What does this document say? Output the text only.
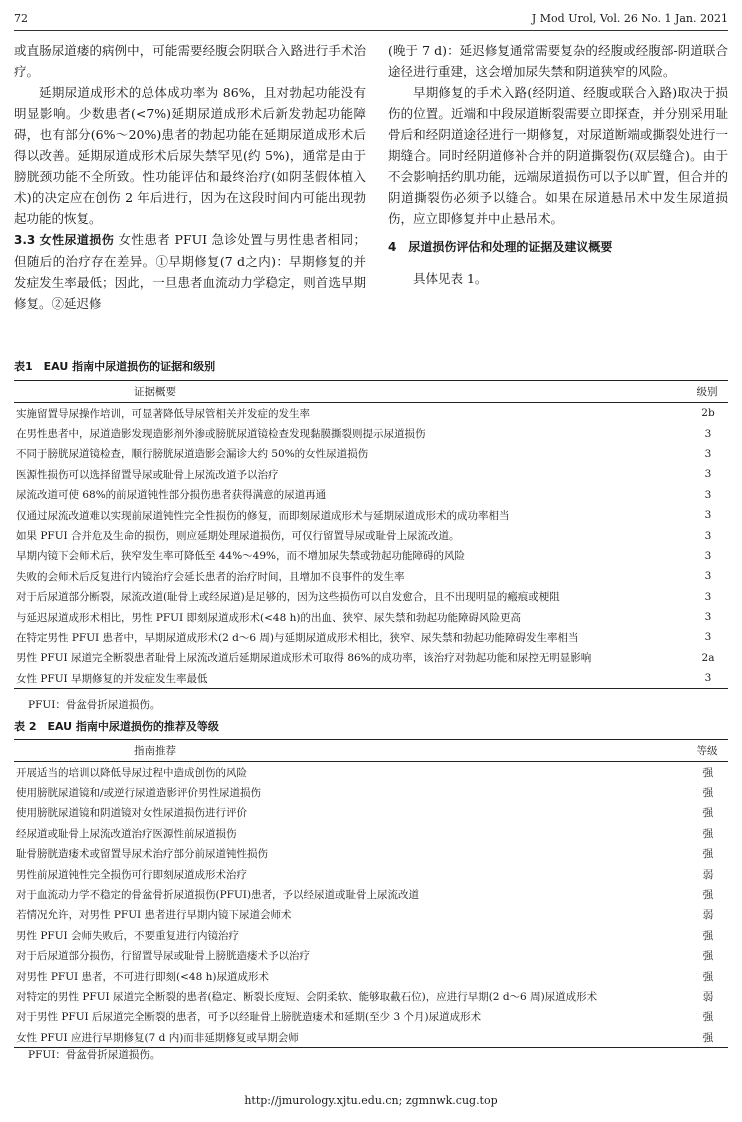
72	J Mod Urol, Vol. 26 No. 1 Jan. 2021

或直肠尿道瘘的病例中，可能需要经腹会阴联合入路进行手术治疗。

延期尿道成形术的总体成功率为 86%，且对勃起功能没有明显影响。少数患者(<7%)延期尿道成形术后新发勃起功能障碍，也有部分(6%～20%)患者的勃起功能在延期尿道成形术后得以改善。延期尿道成形术后尿失禁罕见(约 5%)，通常是由于膀胱颈功能不全所致。性功能评估和最终治疗(如阴茎假体植入术)的决定应在创伤 2 年后进行，因为在这段时间内可能出现勃起功能的恢复。

3.3 女性尿道损伤 女性患者 PFUI 急诊处置与男性患者相同；但随后的治疗存在差异。①早期修复(7 d之内)：早期修复的并发症发生率最低；因此，一旦患者血流动力学稳定，则首选早期修复。②延迟修

(晚于 7 d)：延迟修复通常需要复杂的经腹或经腹部-阴道联合途径进行重建，这会增加尿失禁和阴道狭窄的风险。

早期修复的手术入路(经阴道、经腹或联合入路)取决于损伤的位置。近端和中段尿道断裂需要立即探查，并分别采用耻骨后和经阴道途径进行一期修复，对尿道断端或撕裂处进行一期缝合。同时经阴道修补合并的阴道撕裂伤(双层缝合)。由于不会影响括约肌功能，远端尿道损伤可以予以旷置，但合并的阴道撕裂伤必须予以缝合。如果在尿道悬吊术中发生尿道损伤，应立即修复并中止悬吊术。

4　尿道损伤评估和处理的证据及建议概要

具体见表 1。

表1　EAU 指南中尿道损伤的证据和级别
证据概要	级别
实施留置导尿操作培训，可显著降低导尿管相关并发症的发生率	2b
在男性患者中，尿道造影发现造影剂外渗或膀胱尿道镜检查发现黏膜撕裂则提示尿道损伤	3
不同于膀胱尿道镜检查，顺行膀胱尿道造影会漏诊大约 50%的女性尿道损伤	3
医源性损伤可以选择留置导尿或耻骨上尿流改道予以治疗	3
尿流改道可使 68%的前尿道钝性部分损伤患者获得满意的尿道再通	3
仅通过尿流改道难以实现前尿道钝性完全性损伤的修复，而即刻尿道成形术与延期尿道成形术的成功率相当	3
如果 PFUI 合并危及生命的损伤，则应延期处理尿道损伤，可仅行留置导尿或耻骨上尿流改道。	3
早期内镜下会师术后，狭窄发生率可降低至 44%～49%，而不增加尿失禁或勃起功能障碍的风险	3
失败的会师术后反复进行内镜治疗会延长患者的治疗时间，且增加不良事件的发生率	3
对于后尿道部分断裂，尿流改道(耻骨上或经尿道)是足够的，因为这些损伤可以自发愈合，且不出现明显的瘢痕或梗阻	3
与延迟尿道成形术相比，男性 PFUI 即刻尿道成形术(<48 h)的出血、狭窄、尿失禁和勃起功能障碍风险更高	3
在特定男性 PFUI 患者中，早期尿道成形术(2 d～6 周)与延期尿道成形术相比，狭窄、尿失禁和勃起功能障碍发生率相当	3
男性 PFUI 尿道完全断裂患者耻骨上尿流改道后延期尿道成形术可取得 86%的成功率，该治疗对勃起功能和尿控无明显影响	2a
女性 PFUI 早期修复的并发症发生率最低	3
PFUI：骨盆骨折尿道损伤。
表 2　EAU 指南中尿道损伤的推荐及等级
指南推荐	等级
开展适当的培训以降低导尿过程中造成创伤的风险	强
使用膀胱尿道镜和/或逆行尿道造影评价男性尿道损伤	强
使用膀胱尿道镜和阴道镜对女性尿道损伤进行评价	强
经尿道或耻骨上尿流改道治疗医源性前尿道损伤	强
耻骨膀胱造瘘术或留置导尿术治疗部分前尿道钝性损伤	强
男性前尿道钝性完全损伤可行即刻尿道成形术治疗	弱
对于血流动力学不稳定的骨盆骨折尿道损伤(PFUI)患者，予以经尿道或耻骨上尿流改道	强
若情况允许，对男性 PFUI 患者进行早期内镜下尿道会师术	弱
男性 PFUI 会师失败后，不要重复进行内镜治疗	强
对于后尿道部分损伤，行留置导尿或耻骨上膀胱造瘘术予以治疗	强
对男性 PFUI 患者，不可进行即刻(<48 h)尿道成形术	强
对特定的男性 PFUI 尿道完全断裂的患者(稳定、断裂长度短、会阴柔软、能够取截石位)，应进行早期(2 d～6 周)尿道成形术	弱
对于男性 PFUI 后尿道完全断裂的患者，可予以经耻骨上膀胱造瘘术和延期(至少 3 个月)尿道成形术	强
女性 PFUI 应进行早期修复(7 d 内)而非延期修复或早期会师	强
PFUI：骨盆骨折尿道损伤。
http://jmurology.xjtu.edu.cn; zgmnwk.cug.top
